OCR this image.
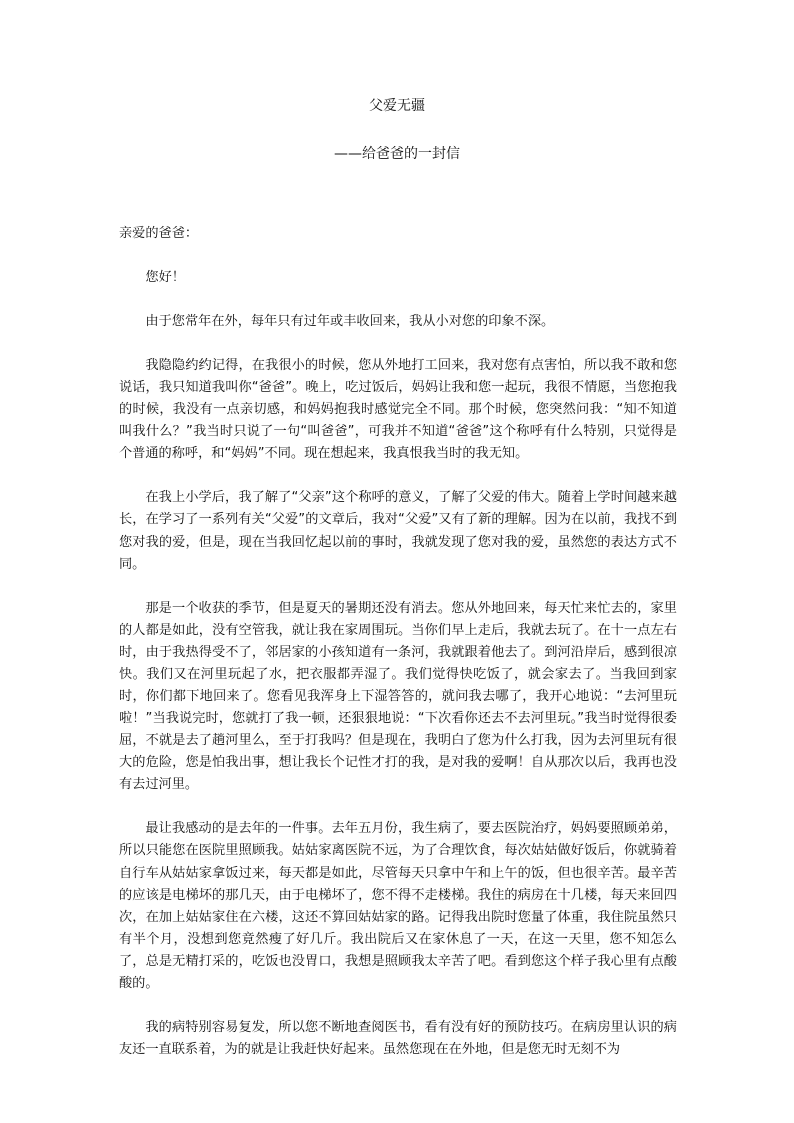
父爱无疆
——给爸爸的一封信

亲爱的爸爸：

您好！

由于您常年在外，每年只有过年或丰收回来，我从小对您的印象不深。

我隐隐约约记得，在我很小的时候，您从外地打工回来，我对您有点害怕，所以我不敢和您说话，我只知道我叫你“爸爸”。晚上，吃过饭后，妈妈让我和您一起玩，我很不情愿，当您抱我的时候，我没有一点亲切感，和妈妈抱我时感觉完全不同。那个时候，您突然问我：“知不知道叫我什么？”我当时只说了一句“叫爸爸”，可我并不知道“爸爸”这个称呼有什么特别，只觉得是个普通的称呼，和“妈妈”不同。现在想起来，我真恨我当时的我无知。

在我上小学后，我了解了“父亲”这个称呼的意义，了解了父爱的伟大。随着上学时间越来越长，在学习了一系列有关“父爱”的文章后，我对“父爱”又有了新的理解。因为在以前，我找不到您对我的爱，但是，现在当我回忆起以前的事时，我就发现了您对我的爱，虽然您的表达方式不同。

那是一个收获的季节，但是夏天的暑期还没有消去。您从外地回来，每天忙来忙去的，家里的人都是如此，没有空管我，就让我在家周围玩。当你们早上走后，我就去玩了。在十一点左右时，由于我热得受不了，邻居家的小孩知道有一条河，我就跟着他去了。到河沿岸后，感到很凉快。我们又在河里玩起了水，把衣服都弄湿了。我们觉得快吃饭了，就会家去了。当我回到家时，你们都下地回来了。您看见我浑身上下湿答答的，就问我去哪了，我开心地说：“去河里玩啦！”当我说完时，您就打了我一顿，还狠狠地说：“下次看你还去不去河里玩。”我当时觉得很委屈，不就是去了趟河里么，至于打我吗？但是现在，我明白了您为什么打我，因为去河里玩有很大的危险，您是怕我出事，想让我长个记性才打的我，是对我的爱啊！自从那次以后，我再也没有去过河里。

最让我感动的是去年的一件事。去年五月份，我生病了，要去医院治疗，妈妈要照顾弟弟，所以只能您在医院里照顾我。姑姑家离医院不远，为了合理饮食，每次姑姑做好饭后，你就骑着自行车从姑姑家拿饭过来，每天都是如此，尽管每天只拿中午和上午的饭，但也很辛苦。最辛苦的应该是电梯坏的那几天，由于电梯坏了，您不得不走楼梯。我住的病房在十几楼，每天来回四次，在加上姑姑家住在六楼，这还不算回姑姑家的路。记得我出院时您量了体重，我住院虽然只有半个月，没想到您竟然瘦了好几斤。我出院后又在家休息了一天，在这一天里，您不知怎么了，总是无精打采的，吃饭也没胃口，我想是照顾我太辛苦了吧。看到您这个样子我心里有点酸酸的。

我的病特别容易复发，所以您不断地查阅医书，看有没有好的预防技巧。在病房里认识的病友还一直联系着，为的就是让我赶快好起来。虽然您现在在外地，但是您无时无刻不为
